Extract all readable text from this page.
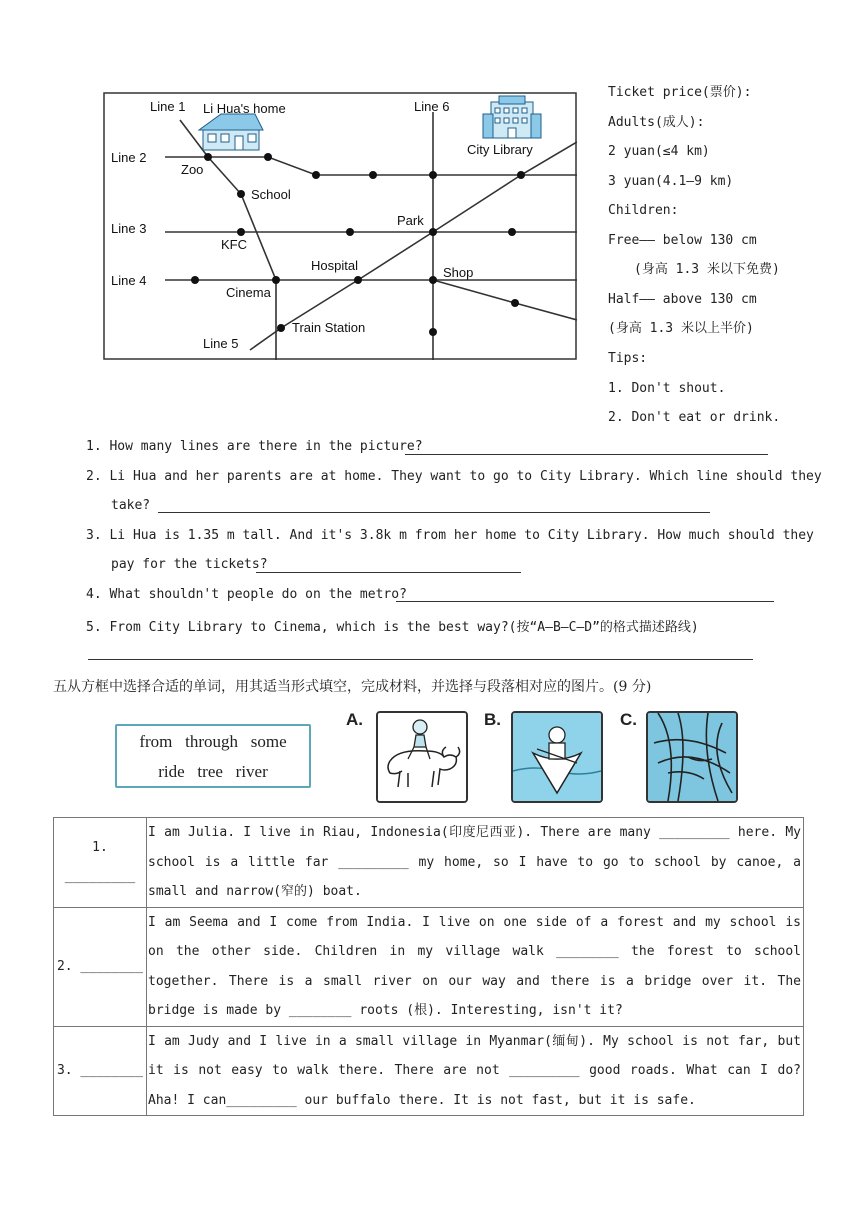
Line 1
Line 2
Line 3
Line 4
Line 5
Line 6
Li Hua's home
City Library
Zoo
School
Park
KFC
Hospital	Shop
Cinema
Train Station
Ticket price(票价):
Adults(成人):
2 yuan(≤4 km)
3 yuan(4.1—9 km)
Children:
Free—— below 130 cm
(身高 1.3 米以下免费)
Half—— above 130 cm
(身高 1.3 米以上半价)
Tips:
1. Don't shout.
2. Don't eat or drink.
1. How many lines are there in the picture?
2. Li Hua and her parents are at home. They want to go to City Library. Which line should they
take?
3. Li Hua is 1.35 m tall. And it's 3.8k m from her home to City Library. How much should they
pay for the tickets?
4. What shouldn't people do on the metro?
5. From City Library to Cinema, which is the best way?(按“A—B—C—D”的格式描述路线)
五从方框中选择合适的单词，用其适当形式填空，完成材料，并选择与段落相对应的图片。(9 分)
from   through   some
ride   tree   river
A.	B.	C.
1. _________	I am Julia. I live in Riau, Indonesia(印度尼西亚). There are many _________ here. My school is a little far _________ my home, so I have to go to school by canoe, a small and narrow(窄的) boat.
2. ________	I am Seema and I come from India. I live on one side of a forest and my school is on the other side. Children in my village walk ________ the forest to school together. There is a small river on our way and there is a bridge over it. The bridge is made by ________ roots (根). Interesting, isn't it?
3. ________	I am Judy and I live in a small village in Myanmar(缅甸). My school is not far, but it is not easy to walk there. There are not _________ good roads. What can I do? Aha! I can_________ our buffalo there. It is not fast, but it is safe.
